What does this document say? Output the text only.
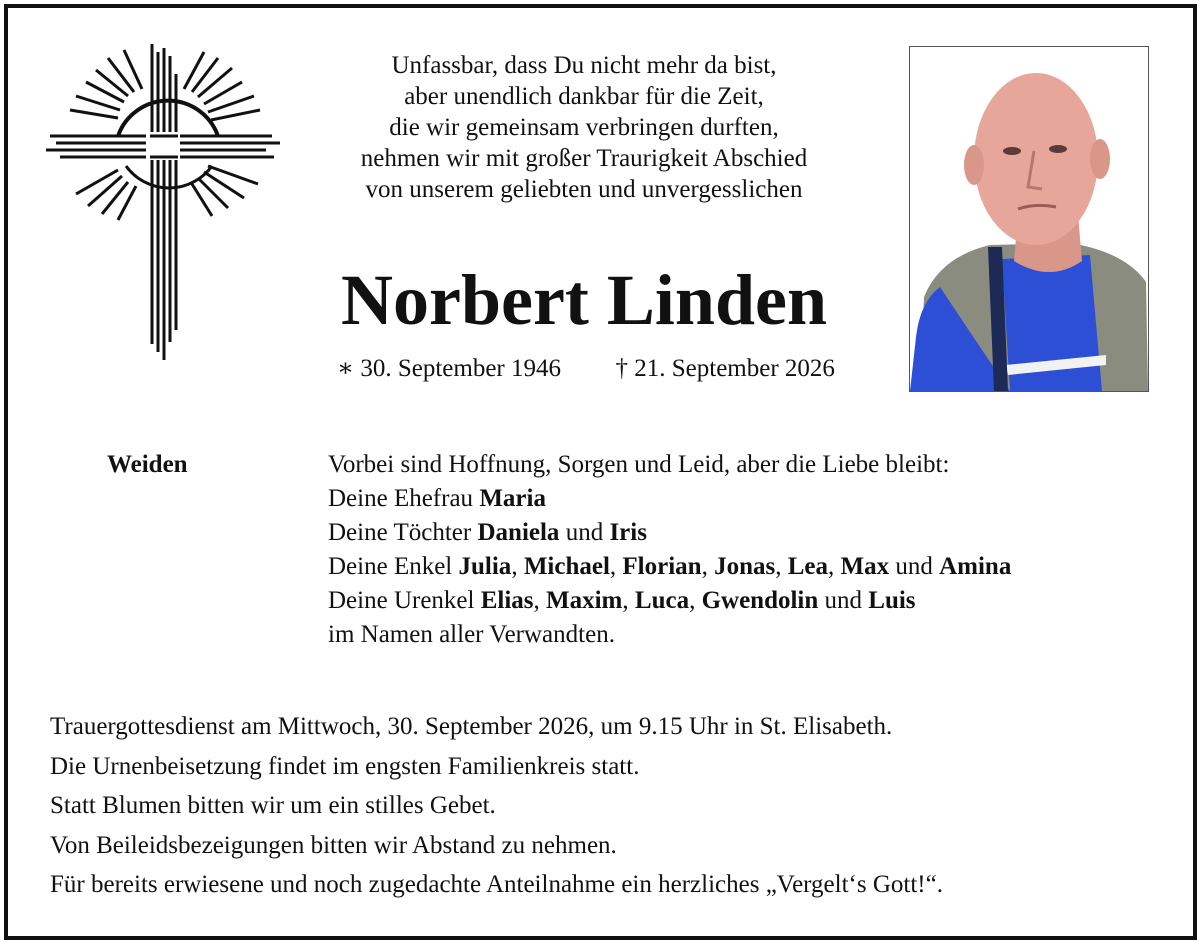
Unfassbar, dass Du nicht mehr da bist,
aber unendlich dankbar für die Zeit,
die wir gemeinsam verbringen durften,
nehmen wir mit großer Traurigkeit Abschied
von unserem geliebten und unvergesslichen
Norbert Linden
∗ 30. September 1946 † 21. September 2026
Weiden	Vorbei sind Hoffnung, Sorgen und Leid, aber die Liebe bleibt:
Deine Ehefrau Maria
Deine Töchter Daniela und Iris
Deine Enkel Julia, Michael, Florian, Jonas, Lea, Max und Amina
Deine Urenkel Elias, Maxim, Luca, Gwendolin und Luis
im Namen aller Verwandten.
Trauergottesdienst am Mittwoch, 30. September 2026, um 9.15 Uhr in St. Elisabeth.
Die Urnenbeisetzung findet im engsten Familienkreis statt.
Statt Blumen bitten wir um ein stilles Gebet.
Von Beileidsbezeigungen bitten wir Abstand zu nehmen.
Für bereits erwiesene und noch zugedachte Anteilnahme ein herzliches „Vergelt‘s Gott!“.
